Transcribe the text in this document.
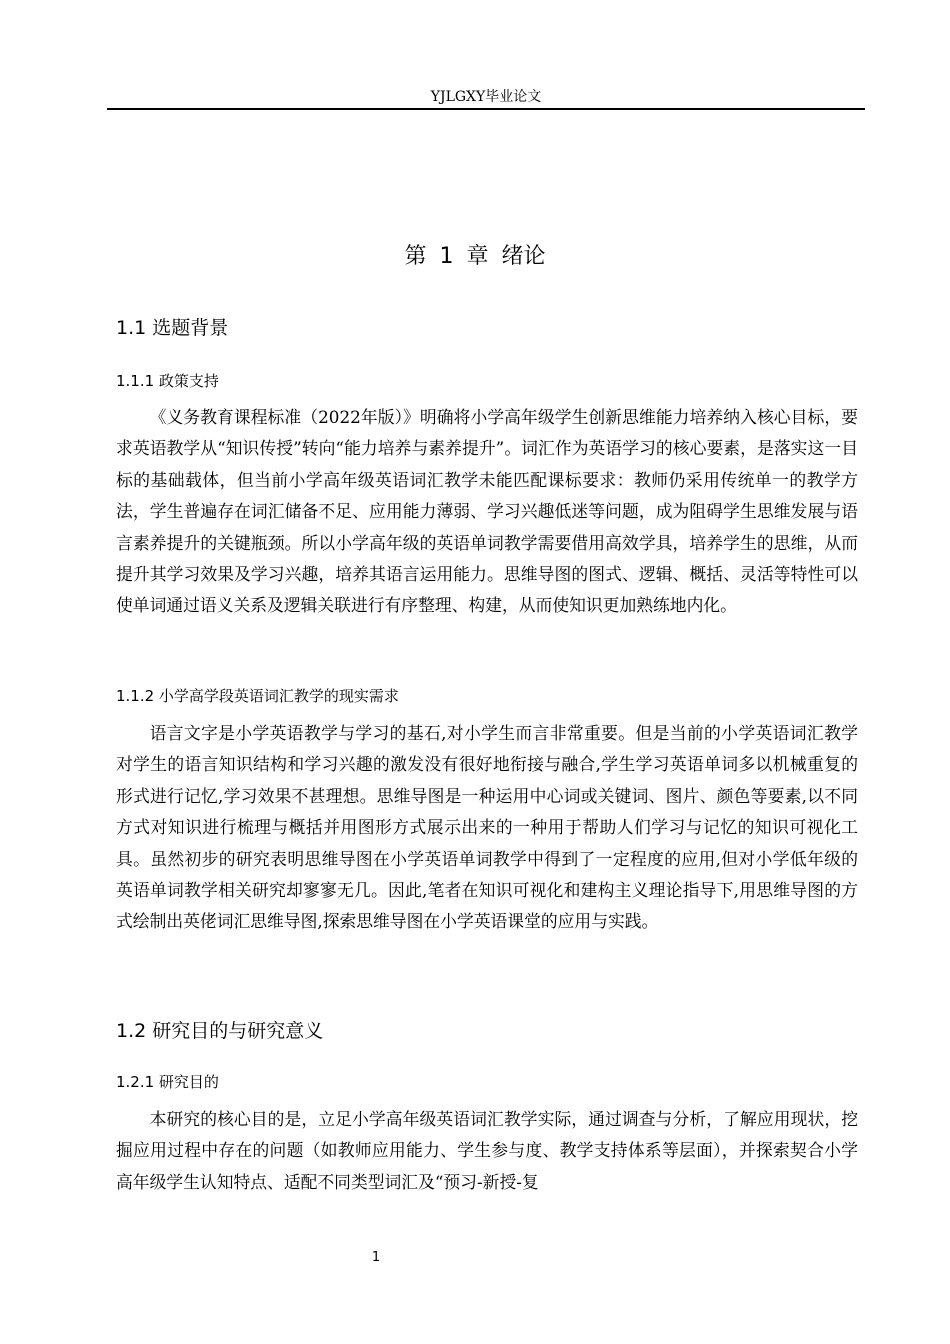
YJLGXY毕业论文
第 1 章 绪论
1.1 选题背景
1.1.1 政策支持

《义务教育课程标准（2022年版）》明确将小学高年级学生创新思维能力培养纳入核心目标，要求英语教学从“知识传授”转向“能力培养与素养提升”。词汇作为英语学习的核心要素，是落实这一目标的基础载体，但当前小学高年级英语词汇教学未能匹配课标要求：教师仍采用传统单一的教学方法，学生普遍存在词汇储备不足、应用能力薄弱、学习兴趣低迷等问题，成为阻碍学生思维发展与语言素养提升的关键瓶颈。所以小学高年级的英语单词教学需要借用高效学具，培养学生的思维，从而提升其学习效果及学习兴趣，培养其语言运用能力。思维导图的图式、逻辑、概括、灵活等特性可以使单词通过语义关系及逻辑关联进行有序整理、构建，从而使知识更加熟练地内化。

1.1.2 小学高学段英语词汇教学的现实需求

语言文字是小学英语教学与学习的基石,对小学生而言非常重要。但是当前的小学英语词汇教学对学生的语言知识结构和学习兴趣的激发没有很好地衔接与融合,学生学习英语单词多以机械重复的形式进行记忆,学习效果不甚理想。思维导图是一种运用中心词或关键词、图片、颜色等要素,以不同方式对知识进行梳理与概括并用图形方式展示出来的一种用于帮助人们学习与记忆的知识可视化工具。虽然初步的研究表明思维导图在小学英语单词教学中得到了一定程度的应用,但对小学低年级的英语单词教学相关研究却寥寥无几。因此,笔者在知识可视化和建构主义理论指导下,用思维导图的方式绘制出英佬词汇思维导图,探索思维导图在小学英语课堂的应用与实践。

1.2 研究目的与研究意义
1.2.1 研究目的

本研究的核心目的是，立足小学高年级英语词汇教学实际，通过调查与分析，了解应用现状，挖掘应用过程中存在的问题（如教师应用能力、学生参与度、教学支持体系等层面），并探索契合小学高年级学生认知特点、适配不同类型词汇及“预习-新授-复

1
